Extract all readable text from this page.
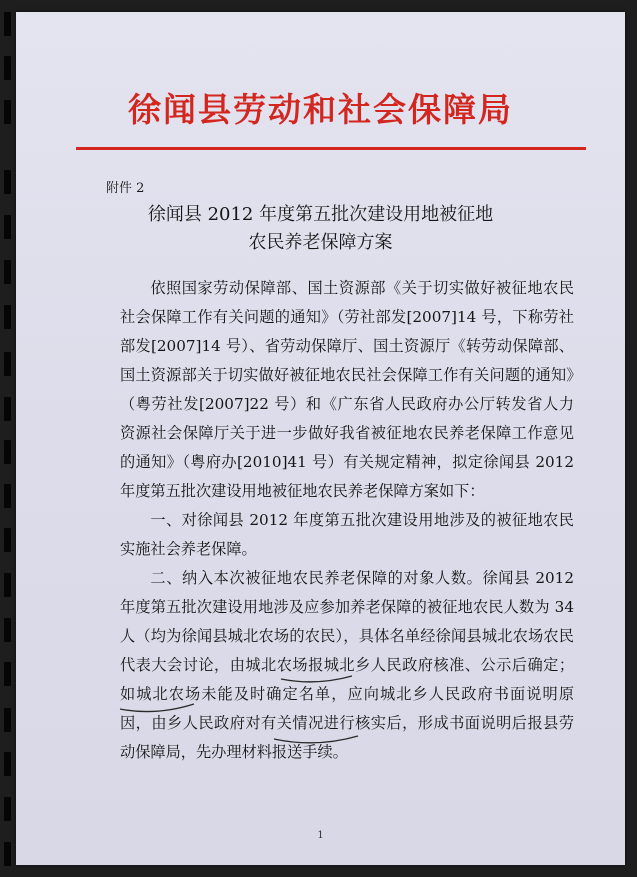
徐闻县劳动和社会保障局
附件 2
徐闻县 2012 年度第五批次建设用地被征地
农民养老保障方案

依照国家劳动保障部、国土资源部《关于切实做好被征地农民社会保障工作有关问题的通知》（劳社部发[2007]14 号，下称劳社部发[2007]14 号）、省劳动保障厅、国土资源厅《转劳动保障部、国土资源部关于切实做好被征地农民社会保障工作有关问题的通知》（粤劳社发[2007]22 号）和《广东省人民政府办公厅转发省人力资源社会保障厅关于进一步做好我省被征地农民养老保障工作意见的通知》（粤府办[2010]41 号）有关规定精神，拟定徐闻县 2012 年度第五批次建设用地被征地农民养老保障方案如下：

一、对徐闻县 2012 年度第五批次建设用地涉及的被征地农民实施社会养老保障。

二、纳入本次被征地农民养老保障的对象人数。徐闻县 2012 年度第五批次建设用地涉及应参加养老保障的被征地农民人数为 34 人（均为徐闻县城北农场的农民），具体名单经徐闻县城北农场农民代表大会讨论，由城北农场报城北乡人民政府核准、公示后确定；如城北农场未能及时确定名单，应向城北乡人民政府书面说明原因，由乡人民政府对有关情况进行核实后，形成书面说明后报县劳动保障局，先办理材料报送手续。

1
